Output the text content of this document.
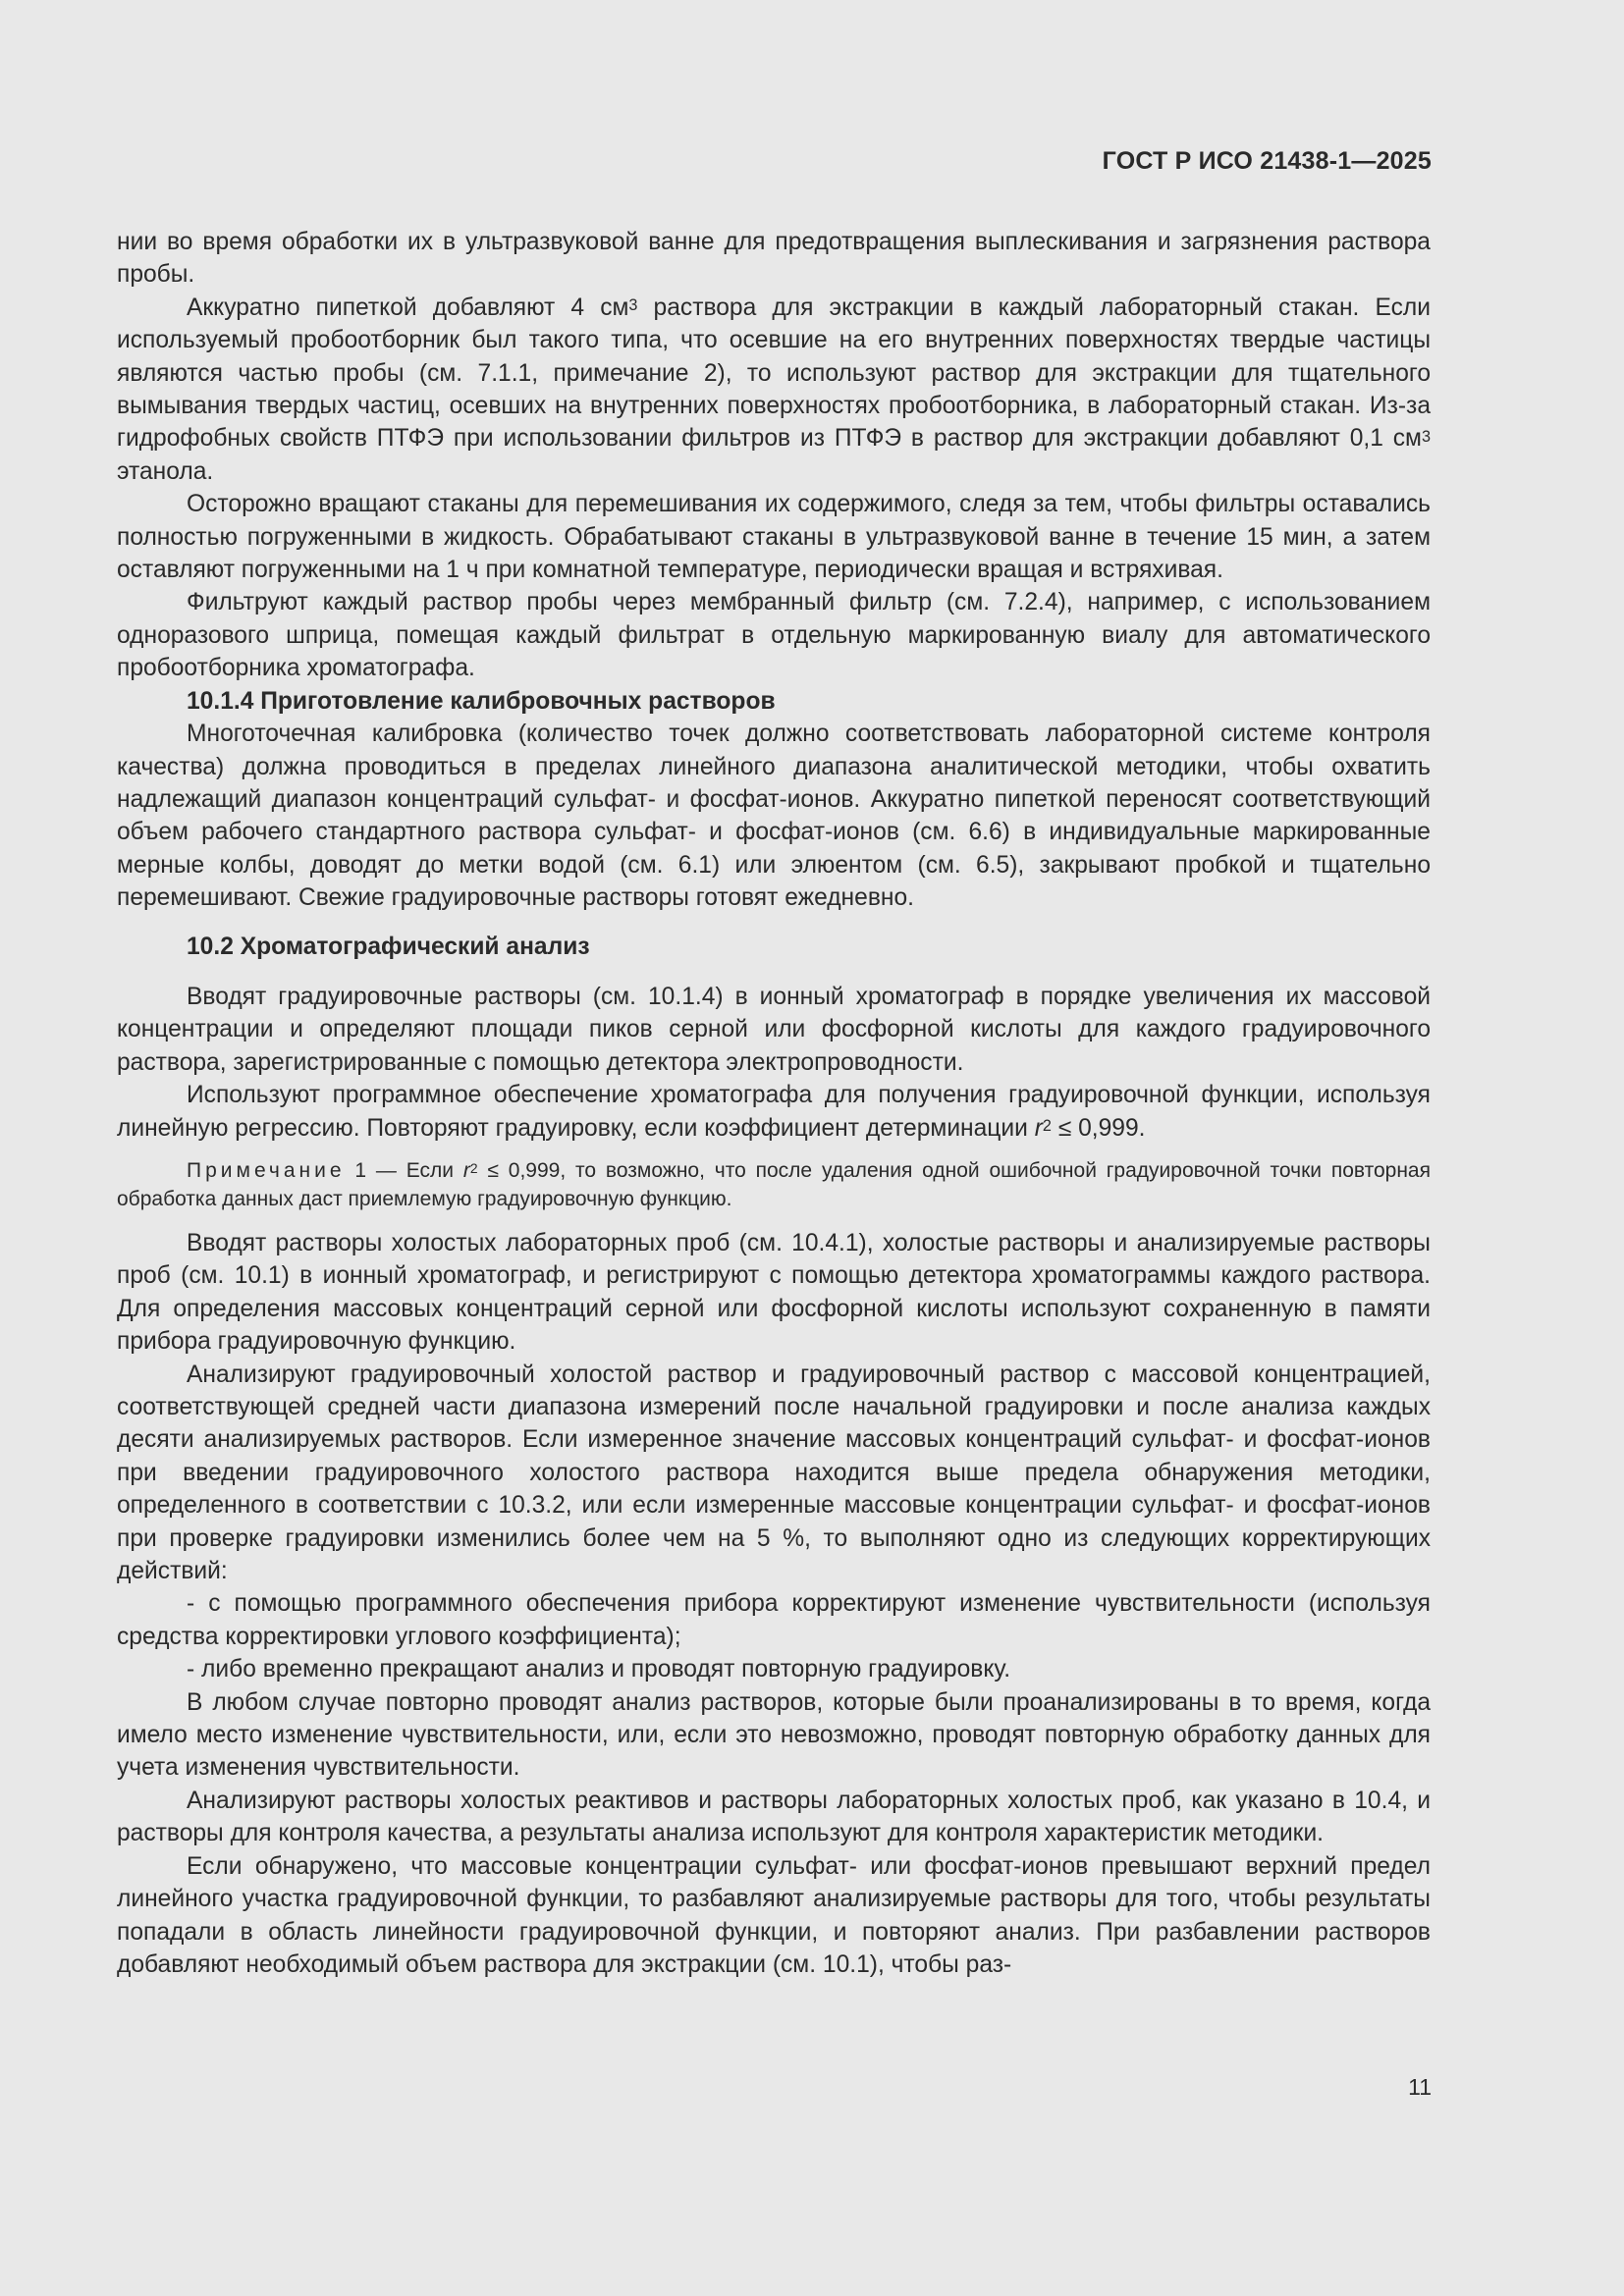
ГОСТ Р ИСО 21438-1—2025

нии во время обработки их в ультразвуковой ванне для предотвращения выплескивания и загрязнения раствора пробы.

Аккуратно пипеткой добавляют 4 $см^3$ раствора для экстракции в каждый лабораторный стакан. Если используемый пробоотборник был такого типа, что осевшие на его внутренних поверхностях твердые частицы являются частью пробы (см. 7.1.1, примечание 2), то используют раствор для экстракции для тщательного вымывания твердых частиц, осевших на внутренних поверхностях пробоотборника, в лабораторный стакан. Из-за гидрофобных свойств ПТФЭ при использовании фильтров из ПТФЭ в раствор для экстракции добавляют 0,1 $см^3$ этанола.

Осторожно вращают стаканы для перемешивания их содержимого, следя за тем, чтобы фильтры оставались полностью погруженными в жидкость. Обрабатывают стаканы в ультразвуковой ванне в течение 15 мин, а затем оставляют погруженными на 1 ч при комнатной температуре, периодически вращая и встряхивая.

Фильтруют каждый раствор пробы через мембранный фильтр (см. 7.2.4), например, с использованием одноразового шприца, помещая каждый фильтрат в отдельную маркированную виалу для автоматического пробоотборника хроматографа.

10.1.4 Приготовление калибровочных растворов

Многоточечная калибровка (количество точек должно соответствовать лабораторной системе контроля качества) должна проводиться в пределах линейного диапазона аналитической методики, чтобы охватить надлежащий диапазон концентраций сульфат- и фосфат-ионов. Аккуратно пипеткой переносят соответствующий объем рабочего стандартного раствора сульфат- и фосфат-ионов (см. 6.6) в индивидуальные маркированные мерные колбы, доводят до метки водой (см. 6.1) или элюентом (см. 6.5), закрывают пробкой и тщательно перемешивают. Свежие градуировочные растворы готовят ежедневно.

10.2 Хроматографический анализ

Вводят градуировочные растворы (см. 10.1.4) в ионный хроматограф в порядке увеличения их массовой концентрации и определяют площади пиков серной или фосфорной кислоты для каждого градуировочного раствора, зарегистрированные с помощью детектора электропроводности.

Используют программное обеспечение хроматографа для получения градуировочной функции, используя линейную регрессию. Повторяют градуировку, если коэффициент детерминации $r^2 \le 0,999$.

Примечание 1 — Если $r^2 \le 0,999$, то возможно, что после удаления одной ошибочной градуировочной точки повторная обработка данных даст приемлемую градуировочную функцию.

Вводят растворы холостых лабораторных проб (см. 10.4.1), холостые растворы и анализируемые растворы проб (см. 10.1) в ионный хроматограф, и регистрируют с помощью детектора хроматограммы каждого раствора. Для определения массовых концентраций серной или фосфорной кислоты используют сохраненную в памяти прибора градуировочную функцию.

Анализируют градуировочный холостой раствор и градуировочный раствор с массовой концентрацией, соответствующей средней части диапазона измерений после начальной градуировки и после анализа каждых десяти анализируемых растворов. Если измеренное значение массовых концентраций сульфат- и фосфат-ионов при введении градуировочного холостого раствора находится выше предела обнаружения методики, определенного в соответствии с 10.3.2, или если измеренные массовые концентрации сульфат- и фосфат-ионов при проверке градуировки изменились более чем на 5 %, то выполняют одно из следующих корректирующих действий:

- с помощью программного обеспечения прибора корректируют изменение чувствительности (используя средства корректировки углового коэффициента);

- либо временно прекращают анализ и проводят повторную градуировку.

В любом случае повторно проводят анализ растворов, которые были проанализированы в то время, когда имело место изменение чувствительности, или, если это невозможно, проводят повторную обработку данных для учета изменения чувствительности.

Анализируют растворы холостых реактивов и растворы лабораторных холостых проб, как указано в 10.4, и растворы для контроля качества, а результаты анализа используют для контроля характеристик методики.

Если обнаружено, что массовые концентрации сульфат- или фосфат-ионов превышают верхний предел линейного участка градуировочной функции, то разбавляют анализируемые растворы для того, чтобы результаты попадали в область линейности градуировочной функции, и повторяют анализ. При разбавлении растворов добавляют необходимый объем раствора для экстракции (см. 10.1), чтобы раз-

11
